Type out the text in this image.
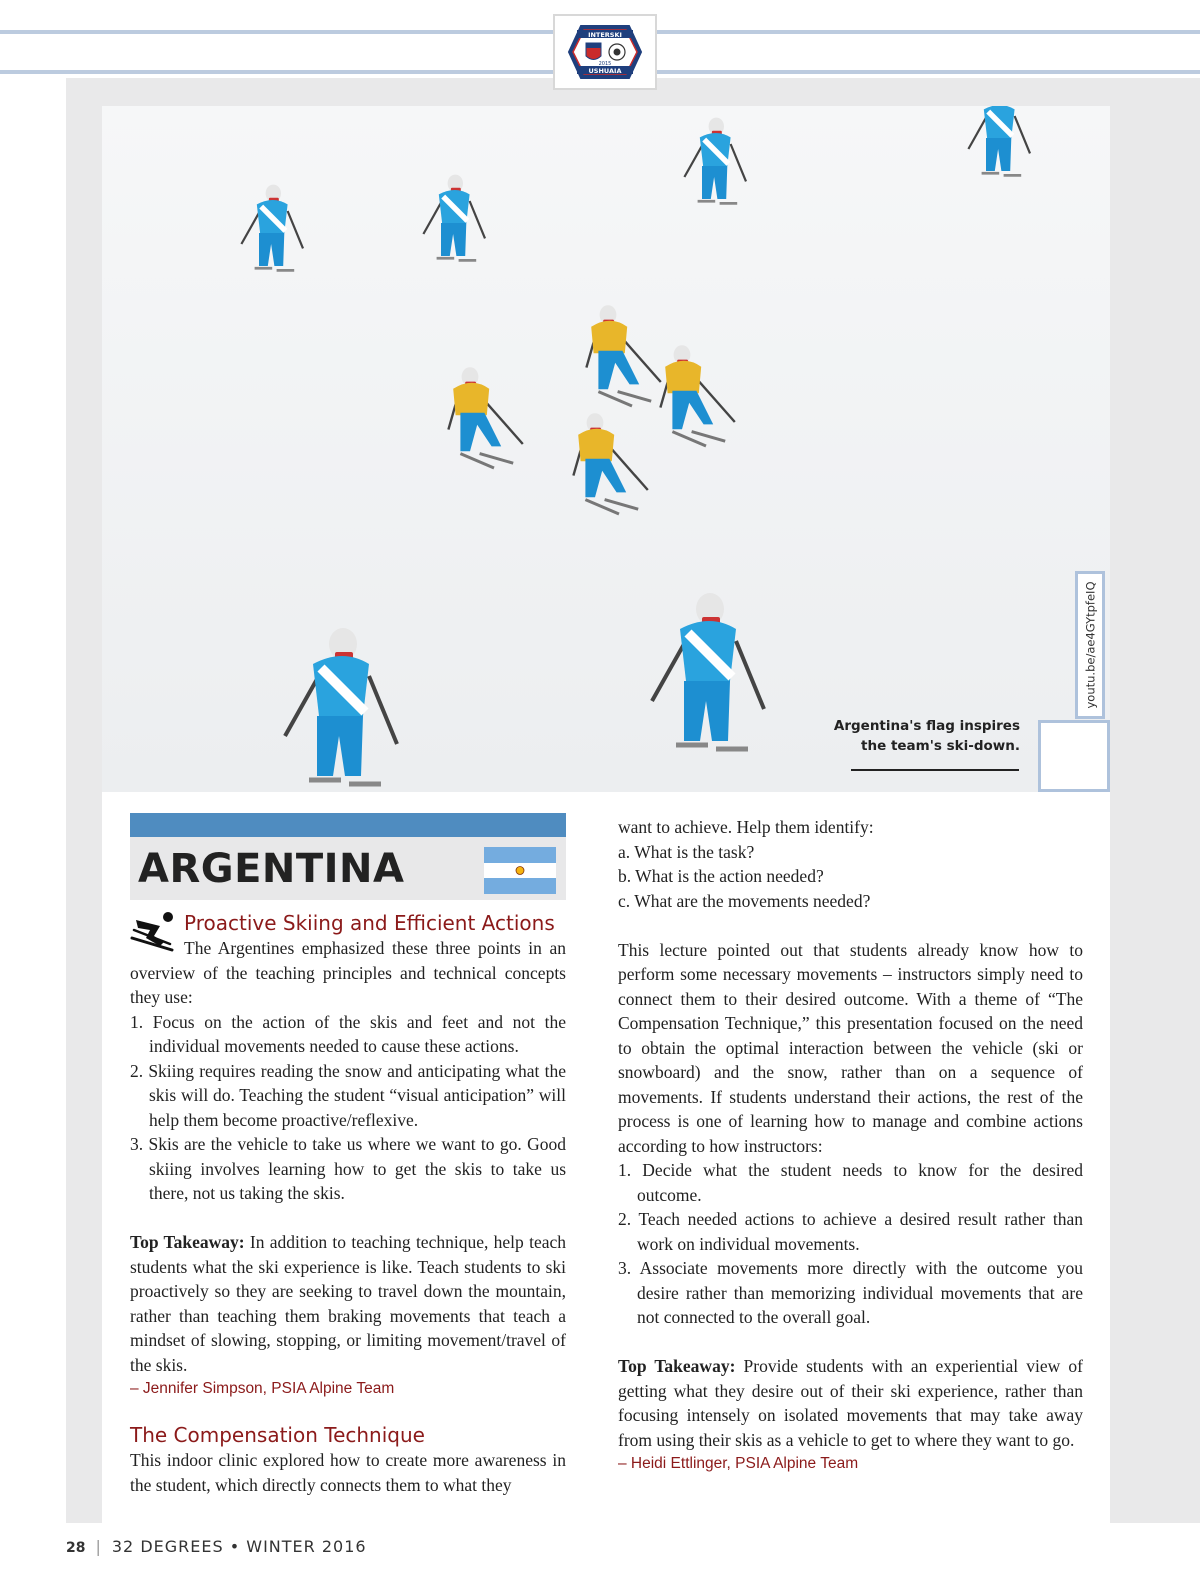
INTERSKI
USHUAIA
2015
Argentina's flag inspires
the team's ski-down.
youtu.be/ae4GYtpfeIQ
ARGENTINA
Proactive Skiing and Efficient Actions

The Argentines emphasized these three points in an overview of the teaching principles and technical concepts they use:

1. Focus on the action of the skis and feet and not the individual movements needed to cause these actions.

2. Skiing requires reading the snow and anticipating what the skis will do. Teaching the student “visual anticipation” will help them become proactive/reflexive.

3. Skis are the vehicle to take us where we want to go. Good skiing involves learning how to get the skis to take us there, not us taking the skis.

Top Takeaway: In addition to teaching technique, help teach students what the ski experience is like. Teach students to ski proactively so they are seeking to travel down the mountain, rather than teaching them braking movements that teach a mindset of slowing, stopping, or limiting movement/travel of the skis.

– Jennifer Simpson, PSIA Alpine Team
The Compensation Technique

This indoor clinic explored how to create more awareness in the student, which directly connects them to what they

want to achieve. Help them identify:

a. What is the task?

b. What is the action needed?

c. What are the movements needed?

This lecture pointed out that students already know how to perform some necessary movements – instructors simply need to connect them to their desired outcome. With a theme of “The Compensation Technique,” this presentation focused on the need to obtain the optimal interaction between the vehicle (ski or snowboard) and the snow, rather than on a sequence of movements. If students understand their actions, the rest of the process is one of learning how to manage and combine actions according to how instructors:

1. Decide what the student needs to know for the desired outcome.

2. Teach needed actions to achieve a desired result rather than work on individual movements.

3. Associate movements more directly with the outcome you desire rather than memorizing individual movements that are not connected to the overall goal.

Top Takeaway: Provide students with an experiential view of getting what they desire out of their ski experience, rather than focusing intensely on isolated movements that may take away from using their skis as a vehicle to get to where they want to go.

– Heidi Ettlinger, PSIA Alpine Team
28 | 32 DEGREES • WINTER 2016
